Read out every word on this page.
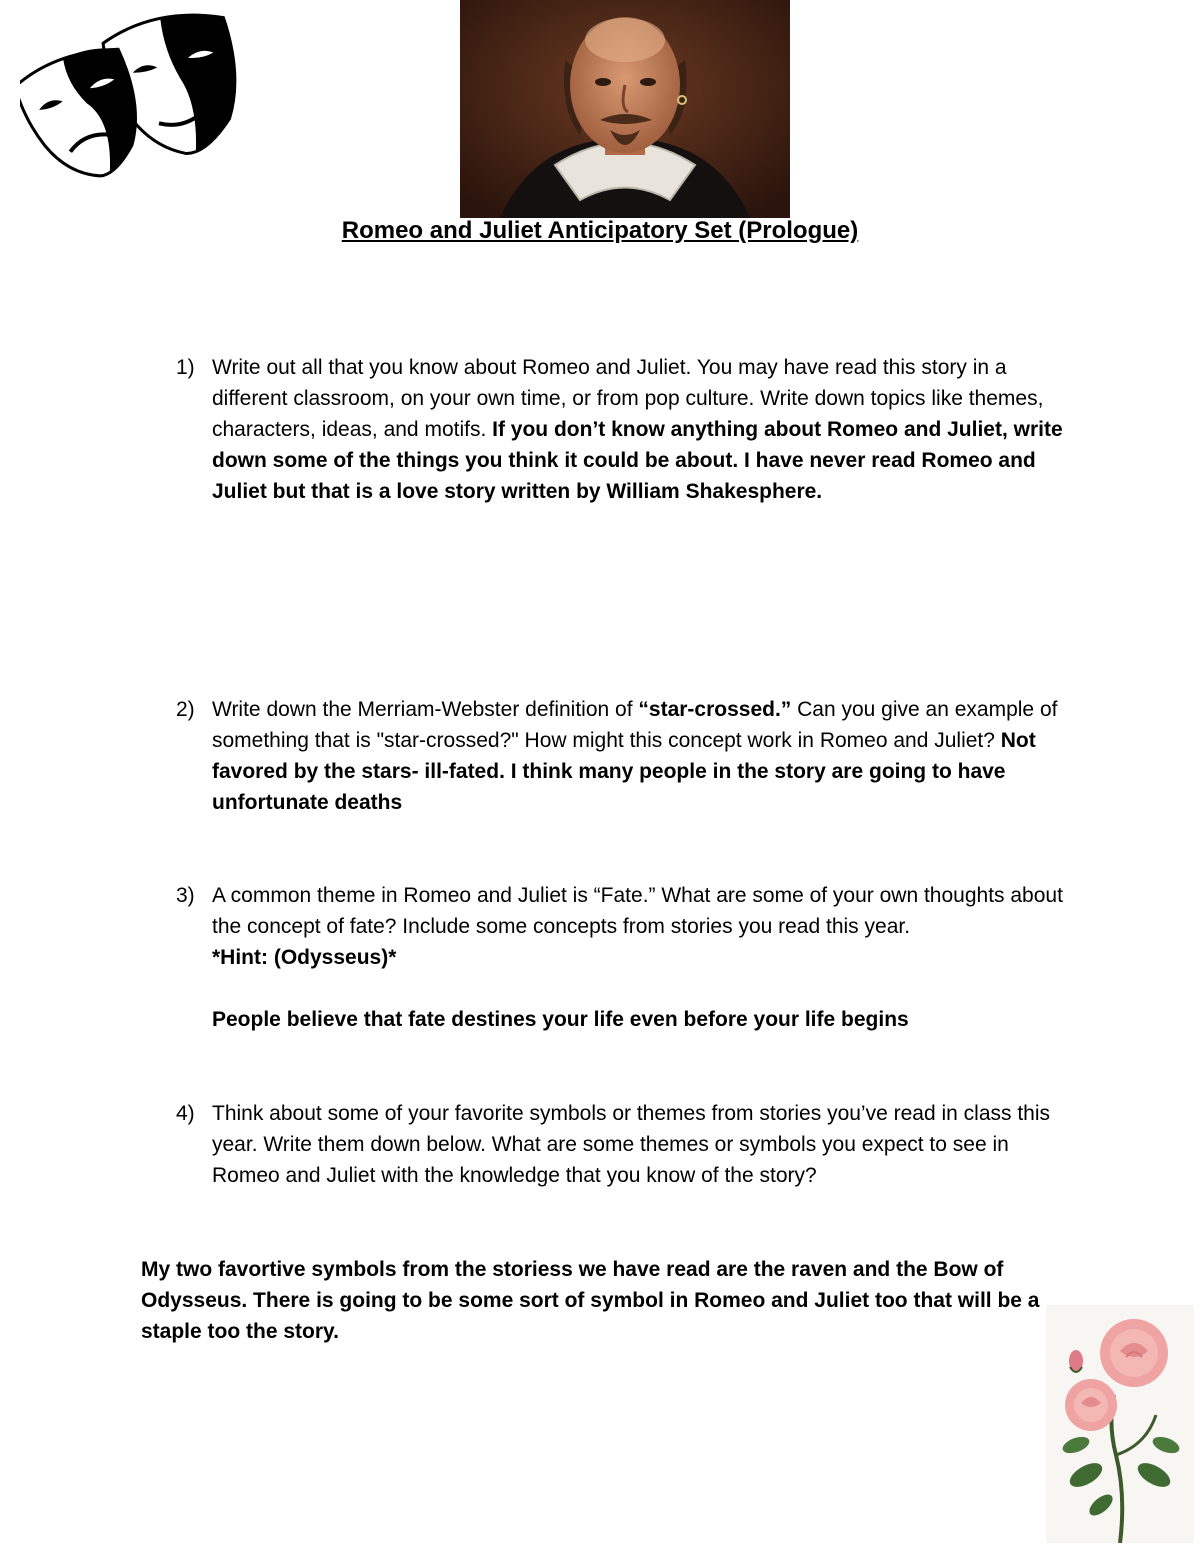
Romeo and Juliet Anticipatory Set (Prologue)
1) Write out all that you know about Romeo and Juliet. You may have read this story in a different classroom, on your own time, or from pop culture. Write down topics like themes, characters, ideas, and motifs. If you don’t know anything about Romeo and Juliet, write down some of the things you think it could be about. I have never read Romeo and Juliet but that is a love story written by William Shakesphere.
2) Write down the Merriam-Webster definition of “star-crossed.” Can you give an example of something that is "star-crossed?" How might this concept work in Romeo and Juliet? Not favored by the stars- ill-fated. I think many people in the story are going to have unfortunate deaths
3) A common theme in Romeo and Juliet is “Fate.” What are some of your own thoughts about the concept of fate? Include some concepts from stories you read this year.
*Hint: (Odysseus)*
People believe that fate destines your life even before your life begins
4) Think about some of your favorite symbols or themes from stories you’ve read in class this year. Write them down below. What are some themes or symbols you expect to see in Romeo and Juliet with the knowledge that you know of the story?
My two favortive symbols from the storiess we have read are the raven and the Bow of Odysseus. There is going to be some sort of symbol in Romeo and Juliet too that will be a staple too the story.
